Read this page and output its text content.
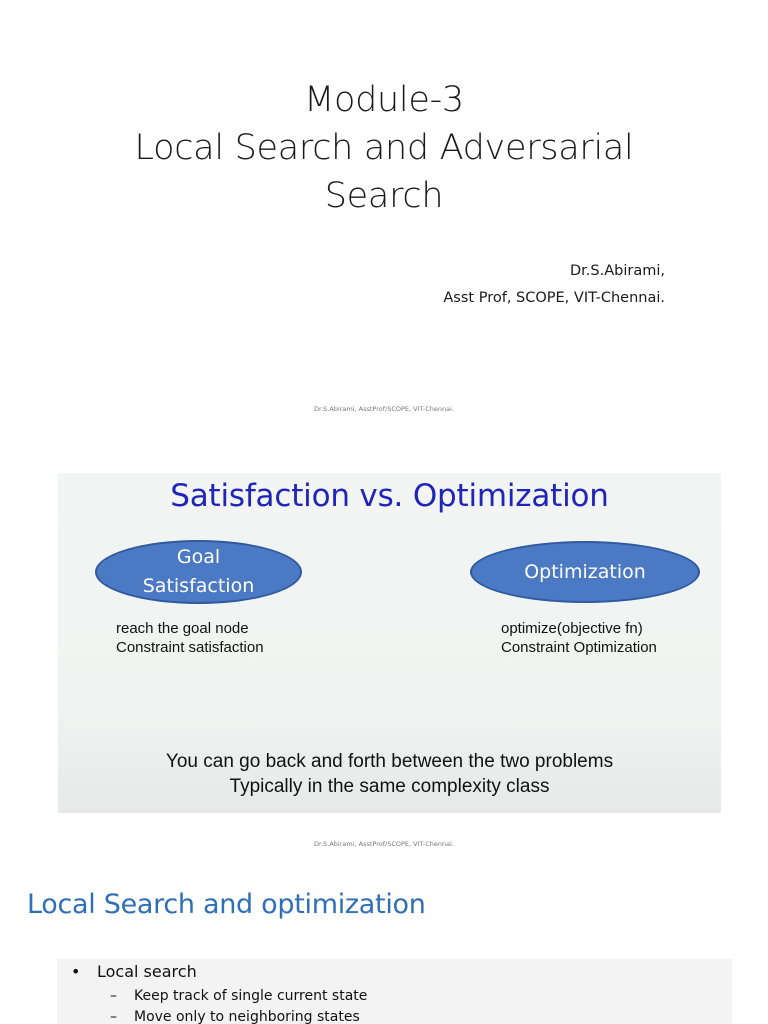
Module-3
Local Search and Adversarial
Search
Dr.S.Abirami,
Asst Prof, SCOPE, VIT-Chennai.
Dr.S.Abirami, AsstProf/SCOPE, VIT-Chennai.
Satisfaction vs. Optimization
Goal
Satisfaction
Optimization
reach the goal node
Constraint satisfaction
optimize(objective fn)
Constraint Optimization
You can go back and forth between the two problems
Typically in the same complexity class
Dr.S.Abirami, AsstProf/SCOPE, VIT-Chennai.
Local Search and optimization
• Local search
– Keep track of single current state
– Move only to neighboring states
